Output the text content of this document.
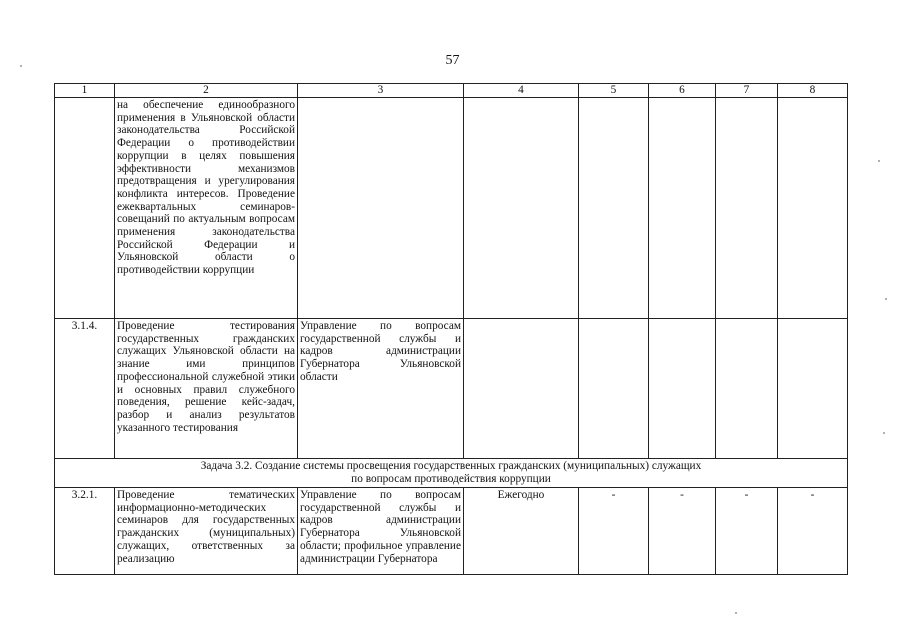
57
1	2	3	4	5	6	7	8
	на обеспечение единообразного применения в Ульяновской области законодательства Российской Федерации о противодействии коррупции в целях повышения эффективности механизмов предотвращения и урегулирования конфликта интересов. Проведение ежеквартальных семинаров-совещаний по актуальным вопросам применения законодательства Российской Федерации и Ульяновской области о противодействии коррупции						
3.1.4.	Проведение тестирования государственных гражданских служащих Ульяновской области на знание ими принципов профессиональной служебной этики и основных правил служебного поведения, решение кейс-задач, разбор и анализ результатов указанного тестирования	Управление по вопросам государственной службы и кадров администрации Губернатора Ульяновской области					

Задача 3.2. Создание системы просвещения государственных гражданских (муниципальных) служащих
по вопросам противодействия коррупции							

3.2.1.	Проведение тематических информационно-методических семинаров для государственных гражданских (муниципальных) служащих, ответственных за реализацию	Управление по вопросам государственной службы и кадров администрации Губернатора Ульяновской области; профильное управление администрации Губернатора	Ежегодно	-	-	-	-
